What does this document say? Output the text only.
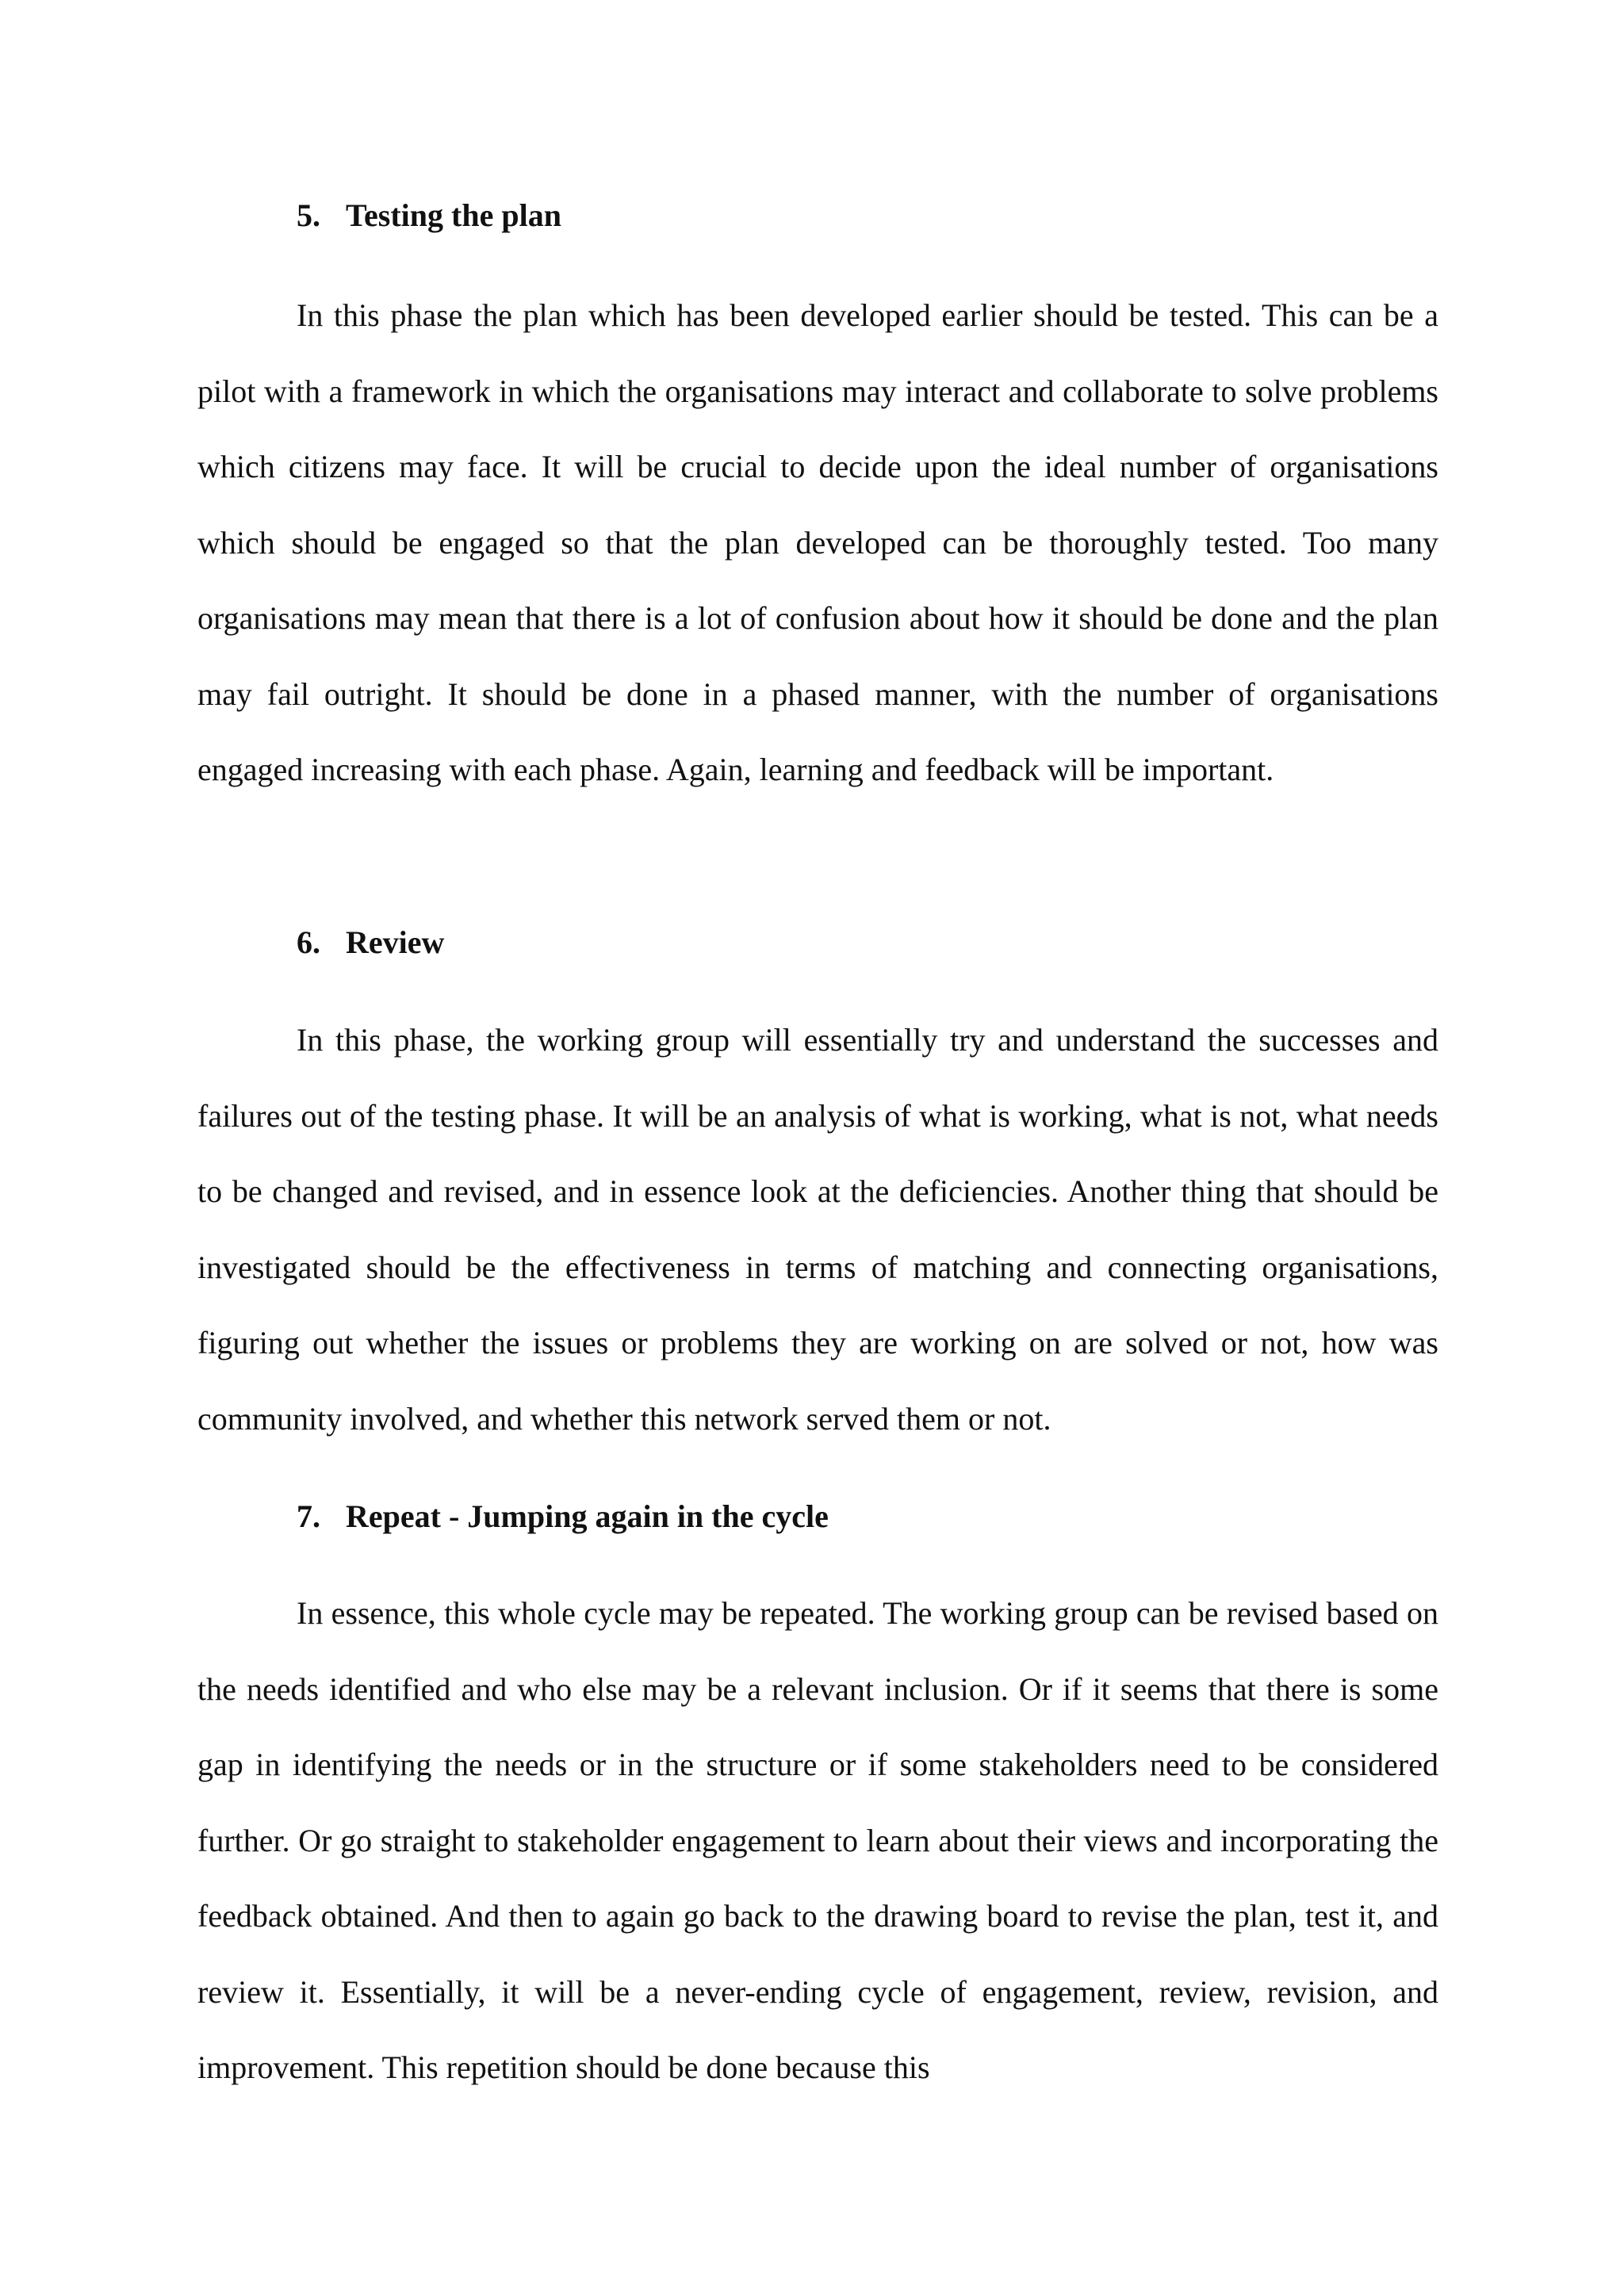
5. Testing the plan

In this phase the plan which has been developed earlier should be tested. This can be a pilot with a framework in which the organisations may interact and collaborate to solve problems which citizens may face. It will be crucial to decide upon the ideal number of organisations which should be engaged so that the plan developed can be thoroughly tested. Too many organisations may mean that there is a lot of confusion about how it should be done and the plan may fail outright. It should be done in a phased manner, with the number of organisations engaged increasing with each phase. Again, learning and feedback will be important.

6. Review

In this phase, the working group will essentially try and understand the successes and failures out of the testing phase. It will be an analysis of what is working, what is not, what needs to be changed and revised, and in essence look at the deficiencies. Another thing that should be investigated should be the effectiveness in terms of matching and connecting organisations, figuring out whether the issues or problems they are working on are solved or not, how was community involved, and whether this network served them or not.

7. Repeat - Jumping again in the cycle

In essence, this whole cycle may be repeated. The working group can be revised based on the needs identified and who else may be a relevant inclusion. Or if it seems that there is some gap in identifying the needs or in the structure or if some stakeholders need to be considered further. Or go straight to stakeholder engagement to learn about their views and incorporating the feedback obtained. And then to again go back to the drawing board to revise the plan, test it, and review it. Essentially, it will be a never-ending cycle of engagement, review, revision, and improvement. This repetition should be done because this
